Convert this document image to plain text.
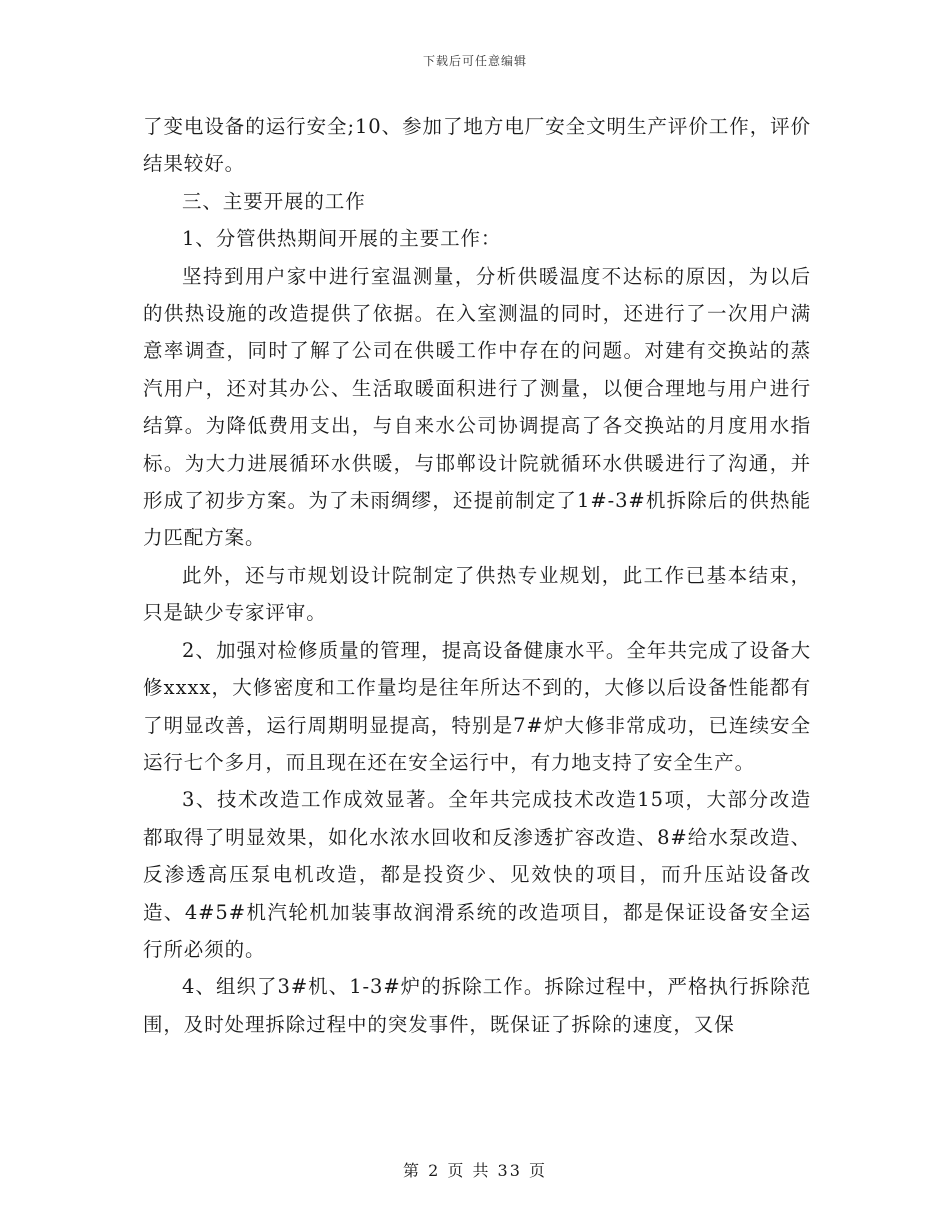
下载后可任意编辑

了变电设备的运行安全;10、参加了地方电厂安全文明生产评价工作，评价结果较好。

三、主要开展的工作

1、分管供热期间开展的主要工作：

坚持到用户家中进行室温测量，分析供暖温度不达标的原因，为以后的供热设施的改造提供了依据。在入室测温的同时，还进行了一次用户满意率调查，同时了解了公司在供暖工作中存在的问题。对建有交换站的蒸汽用户，还对其办公、生活取暖面积进行了测量，以便合理地与用户进行结算。为降低费用支出，与自来水公司协调提高了各交换站的月度用水指标。为大力进展循环水供暖，与邯郸设计院就循环水供暖进行了沟通，并形成了初步方案。为了未雨绸缪，还提前制定了1#-3#机拆除后的供热能力匹配方案。

此外，还与市规划设计院制定了供热专业规划，此工作已基本结束，只是缺少专家评审。

2、加强对检修质量的管理，提高设备健康水平。全年共完成了设备大修xxxx，大修密度和工作量均是往年所达不到的，大修以后设备性能都有了明显改善，运行周期明显提高，特别是7#炉大修非常成功，已连续安全运行七个多月，而且现在还在安全运行中，有力地支持了安全生产。

3、技术改造工作成效显著。全年共完成技术改造15项，大部分改造都取得了明显效果，如化水浓水回收和反渗透扩容改造、8#给水泵改造、反渗透高压泵电机改造，都是投资少、见效快的项目，而升压站设备改造、4#5#机汽轮机加装事故润滑系统的改造项目，都是保证设备安全运行所必须的。

4、组织了3#机、1-3#炉的拆除工作。拆除过程中，严格执行拆除范围，及时处理拆除过程中的突发事件，既保证了拆除的速度，又保

第 2 页 共 33 页
